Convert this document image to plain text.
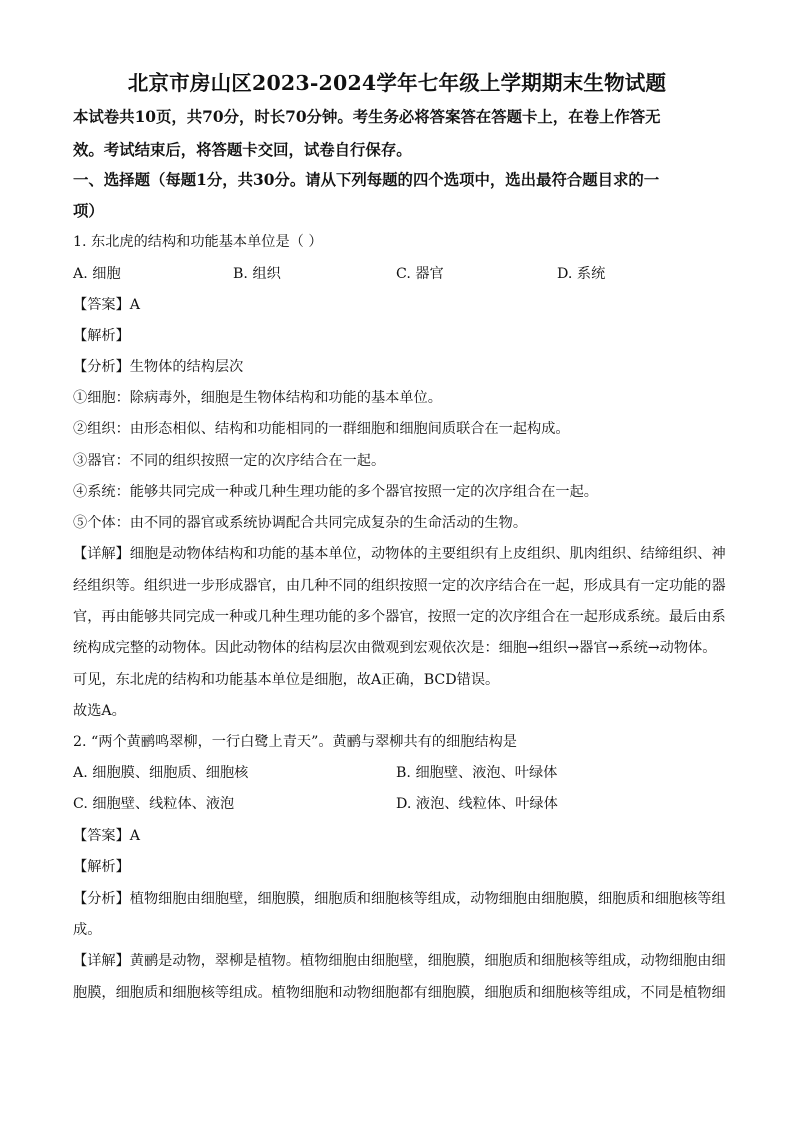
北京市房山区2023-2024学年七年级上学期期末生物试题
本试卷共10页，共70分，时长70分钟。考生务必将答案答在答题卡上，在卷上作答无
效。考试结束后，将答题卡交回，试卷自行保存。
一、选择题（每题1分，共30分。请从下列每题的四个选项中，选出最符合题目求的一
项）
1. 东北虎的结构和功能基本单位是（ ）
A. 细胞	B. 组织	C. 器官	D. 系统
【答案】A
【解析】
【分析】生物体的结构层次
①细胞：除病毒外，细胞是生物体结构和功能的基本单位。
②组织：由形态相似、结构和功能相同的一群细胞和细胞间质联合在一起构成。
③器官：不同的组织按照一定的次序结合在一起。
④系统：能够共同完成一种或几种生理功能的多个器官按照一定的次序组合在一起。
⑤个体：由不同的器官或系统协调配合共同完成复杂的生命活动的生物。
【详解】细胞是动物体结构和功能的基本单位，动物体的主要组织有上皮组织、肌肉组织、结缔组织、神
经组织等。组织进一步形成器官，由几种不同的组织按照一定的次序结合在一起，形成具有一定功能的器
官，再由能够共同完成一种或几种生理功能的多个器官，按照一定的次序组合在一起形成系统。最后由系
统构成完整的动物体。因此动物体的结构层次由微观到宏观依次是：细胞→组织→器官→系统→动物体。
可见，东北虎的结构和功能基本单位是细胞，故A正确，BCD错误。
故选A。
2. “两个黄鹂鸣翠柳，一行白鹭上青天”。黄鹂与翠柳共有的细胞结构是
A. 细胞膜、细胞质、细胞核	B. 细胞壁、液泡、叶绿体
C. 细胞壁、线粒体、液泡	D. 液泡、线粒体、叶绿体
【答案】A
【解析】
【分析】植物细胞由细胞壁，细胞膜，细胞质和细胞核等组成，动物细胞由细胞膜，细胞质和细胞核等组
成。
【详解】黄鹂是动物，翠柳是植物。植物细胞由细胞壁，细胞膜，细胞质和细胞核等组成，动物细胞由细
胞膜，细胞质和细胞核等组成。植物细胞和动物细胞都有细胞膜，细胞质和细胞核等组成，不同是植物细
